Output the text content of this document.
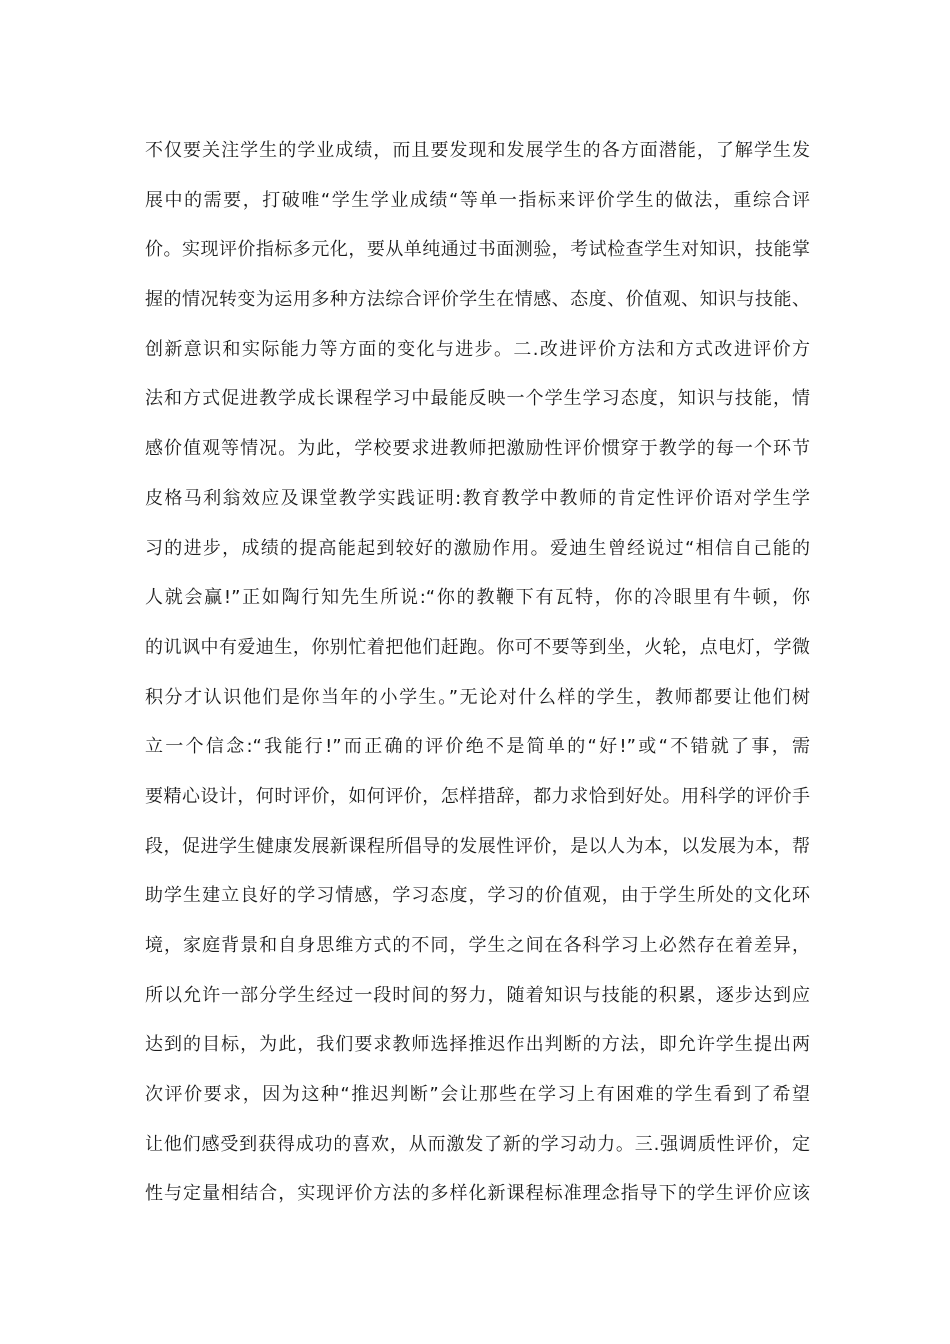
不仅要关注学生的学业成绩，而且要发现和发展学生的各方面潜能，了解学生发
展中的需要，打破唯“学生学业成绩“等单一指标来评价学生的做法，重综合评
价。实现评价指标多元化，要从单纯通过书面测验，考试检查学生对知识，技能掌
握的情况转变为运用多种方法综合评价学生在情感、态度、价值观、知识与技能、
创新意识和实际能力等方面的变化与进步。二.改进评价方法和方式改进评价方
法和方式促进教学成长课程学习中最能反映一个学生学习态度，知识与技能，情
感价值观等情况。为此，学校要求进教师把激励性评价惯穿于教学的每一个环节
皮格马利翁效应及课堂教学实践证明:教育教学中教师的肯定性评价语对学生学
习的进步，成绩的提高能起到较好的激励作用。爱迪生曾经说过“相信自己能的
人就会赢!”正如陶行知先生所说:“你的教鞭下有瓦特，你的冷眼里有牛顿，你
的讥讽中有爱迪生，你别忙着把他们赶跑。你可不要等到坐，火轮，点电灯，学微
积分才认识他们是你当年的小学生。”无论对什么样的学生，教师都要让他们树
立一个信念:“我能行!”而正确的评价绝不是简单的“好!”或“不错就了事，需
要精心设计，何时评价，如何评价，怎样措辞，都力求恰到好处。用科学的评价手
段，促进学生健康发展新课程所倡导的发展性评价，是以人为本，以发展为本，帮
助学生建立良好的学习情感，学习态度，学习的价值观，由于学生所处的文化环
境，家庭背景和自身思维方式的不同，学生之间在各科学习上必然存在着差异，
所以允许一部分学生经过一段时间的努力，随着知识与技能的积累，逐步达到应
达到的目标，为此，我们要求教师选择推迟作出判断的方法，即允许学生提出两
次评价要求，因为这种“推迟判断”会让那些在学习上有困难的学生看到了希望
让他们感受到获得成功的喜欢，从而激发了新的学习动力。三.强调质性评价，定
性与定量相结合，实现评价方法的多样化新课程标准理念指导下的学生评价应该
